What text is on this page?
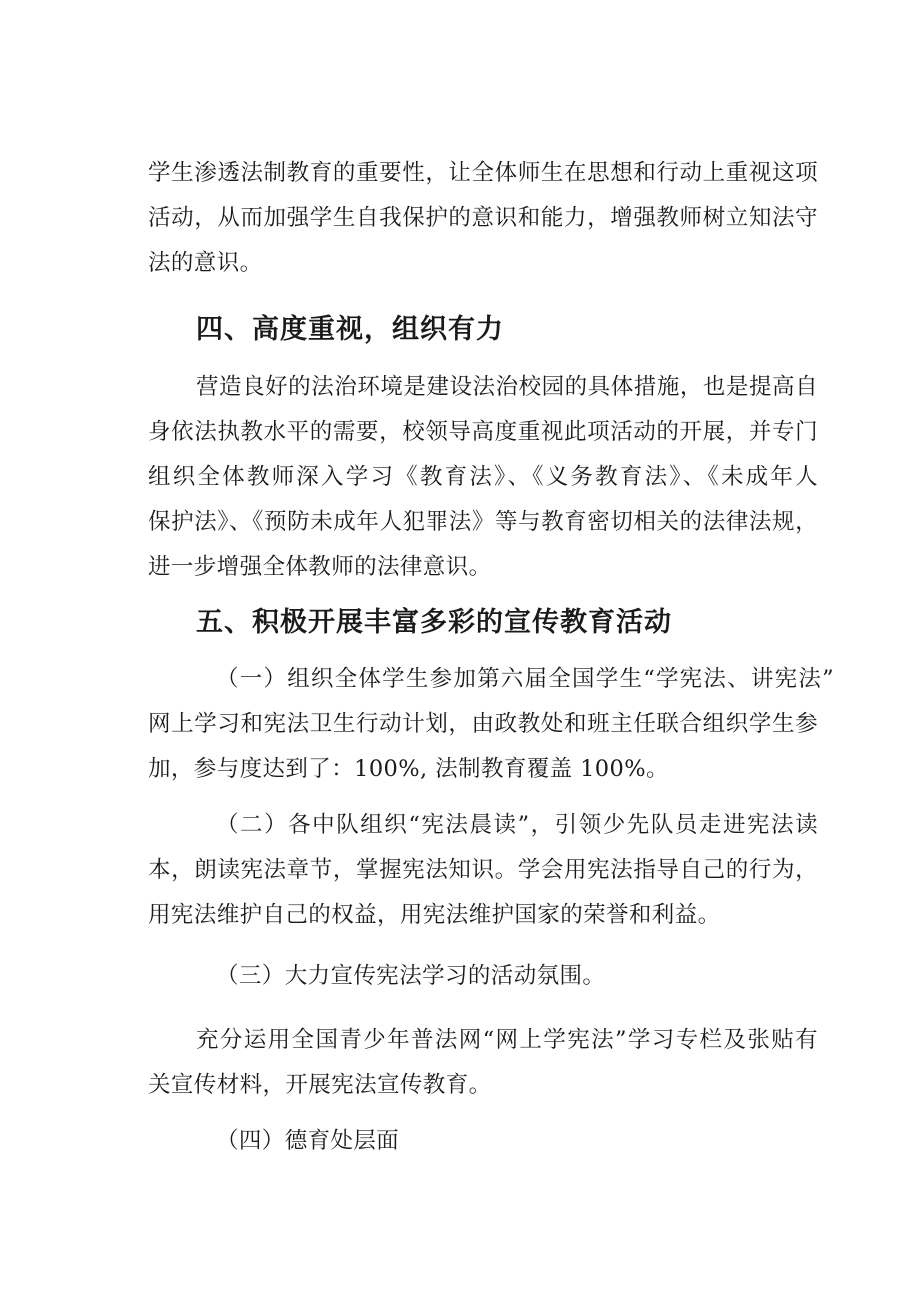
学生渗透法制教育的重要性，让全体师生在思想和行动上重视这项

活动，从而加强学生自我保护的意识和能力，增强教师树立知法守

法的意识。

四、高度重视，组织有力

营造良好的法治环境是建设法治校园的具体措施，也是提高自

身依法执教水平的需要，校领导高度重视此项活动的开展，并专门

组织全体教师深入学习《教育法》、《义务教育法》、《未成年人

保护法》、《预防未成年人犯罪法》等与教育密切相关的法律法规，

进一步增强全体教师的法律意识。

五、积极开展丰富多彩的宣传教育活动

（一）组织全体学生参加第六届全国学生“学宪法、讲宪法”

网上学习和宪法卫生行动计划，由政教处和班主任联合组织学生参

加，参与度达到了：100%, 法制教育覆盖 100%。

（二）各中队组织“宪法晨读”，引领少先队员走进宪法读

本，朗读宪法章节，掌握宪法知识。学会用宪法指导自己的行为，

用宪法维护自己的权益，用宪法维护国家的荣誉和利益。

（三）大力宣传宪法学习的活动氛围。

充分运用全国青少年普法网“网上学宪法”学习专栏及张贴有

关宣传材料，开展宪法宣传教育。

（四）德育处层面
